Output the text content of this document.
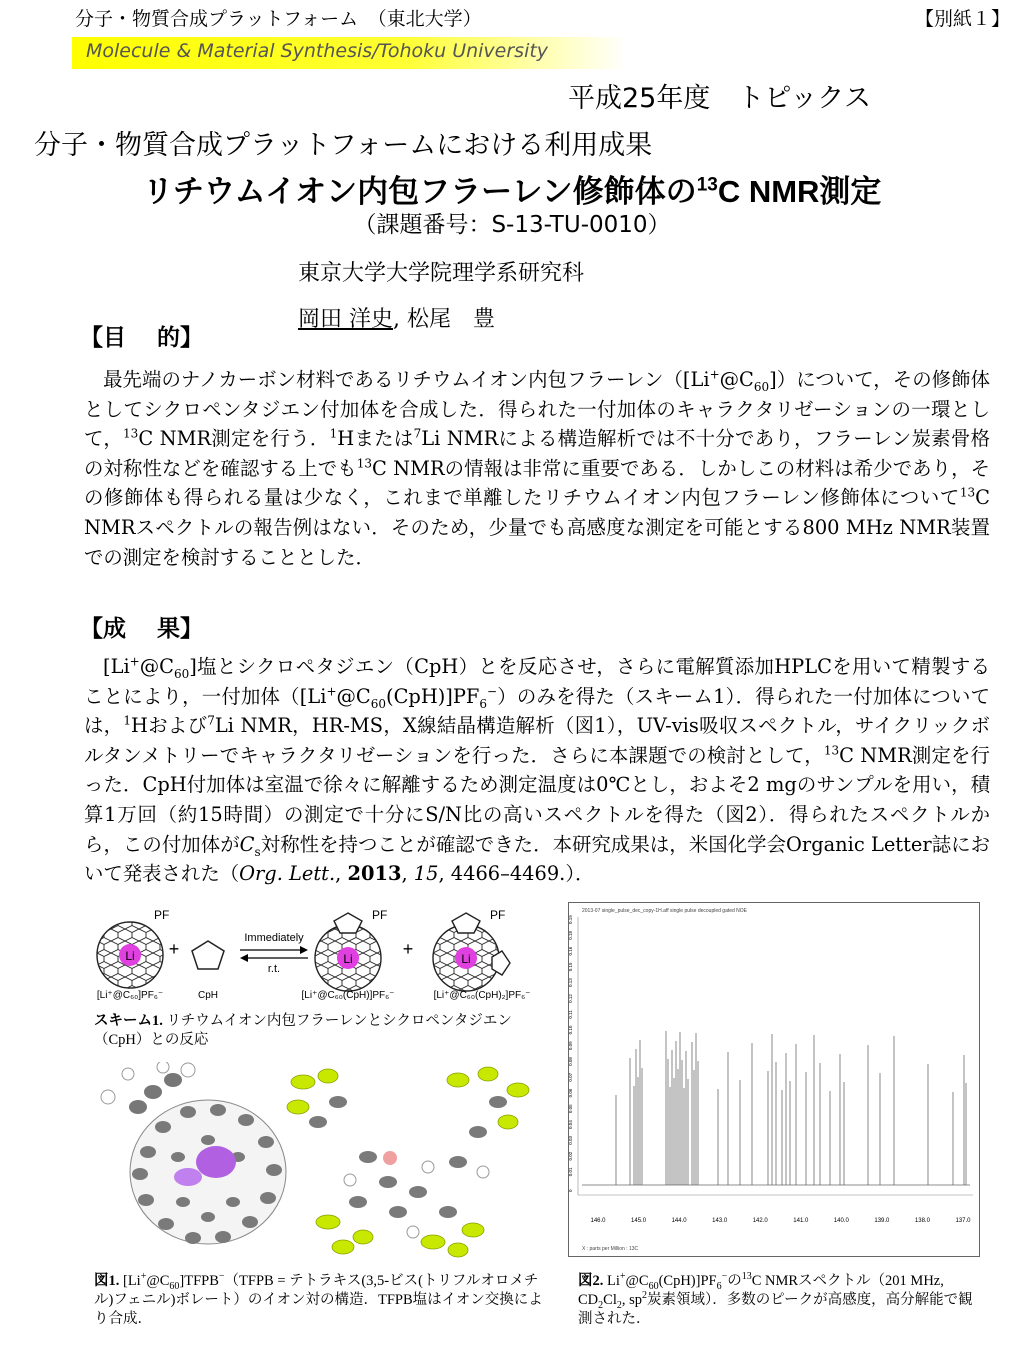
分子・物質合成プラットフォーム　（東北大学）	【別紙１】
Molecule & Material Synthesis/Tohoku University
平成25年度　トピックス
分子・物質合成プラットフォームにおける利用成果
リチウムイオン内包フラーレン修飾体の$^{13}$C NMR測定
（課題番号：S-13-TU-0010）
東京大学大学院理学系研究科
岡田 洋史, 松尾　豊
【目　 的】
最先端のナノカーボン材料であるリチウムイオン内包フラーレン$([Li^+@C_{60}])$について，その修飾体としてシクロペンタジエン付加体を合成した．得られた一付加体のキャラクタリゼーションの一環として，$^{13}$C NMR測定を行う．$^1$Hまたは$^7$Li NMRによる構造解析では不十分であり，フラーレン炭素骨格の対称性などを確認する上でも$^{13}$C NMRの情報は非常に重要である．しかしこの材料は希少であり，その修飾体も得られる量は少なく，これまで単離したリチウムイオン内包フラーレン修飾体について$^{13}$C NMRスペクトルの報告例はない．そのため，少量でも高感度な測定を可能とする800 MHz NMR装置での測定を検討することとした．
【成　 果】
$[Li^+@C_{60}]$塩とシクロペタジエン（CpH）とを反応させ，さらに電解質添加HPLCを用いて精製することにより，一付加体$([Li^+@C_{60}(CpH)]PF_6^-)$のみを得た（スキーム1）．得られた一付加体については，$^1$Hおよび$^7$Li NMR，HR-MS，X線結晶構造解析（図1），UV-vis吸収スペクトル，サイクリックボルタンメトリーでキャラクタリゼーションを行った．さらに本課題での検討として，$^{13}$C NMR測定を行った．CpH付加体は室温で徐々に解離するため測定温度は0℃とし，およそ2 mgのサンプルを用い，積算1万回（約15時間）の測定で十分にS/N比の高いスペクトルを得た（図2）．得られたスペクトルから，この付加体が$C_s$対称性を持つことが確認できた．本研究成果は，米国化学会Organic Letter誌において発表された（Org. Lett., 2013, 15, 4466–4469.）．
Li
PF
+
Immediately
r.t.
Li
PF
+	Li
PF
[Li⁺@C₆₀]PF₆⁻	CpH	[Li⁺@C₆₀(CpH)]PF₆⁻	[Li⁺@C₆₀(CpH)₂]PF₆⁻
スキーム1. リチウムイオン内包フラーレンとシクロペンタジエン（CpH）との反応
図1. $[Li^+@C_{60}]TFPB^-(TFPB$ = テトラキス(3,5-ビス(トリフルオロメチル)フェニル)ボレート）のイオン対の構造．TFPB塩はイオン交換により合成．
2013-07 single_pulse_dec_copy-1H.aff single pulse decoupled gated NOE
0.19
0.18
0.16
0.15
0.13
0.12
0.11
0.10
0.09
0.08
0.07
0.06
0.05
0.04
0.03
0.02
0.01
0
146.0	145.0	144.0	143.0	142.0	141.0	140.0	139.0	138.0	137.0
X : parts per Million : 13C
図2. $Li^+@C_{60}(CpH)]PF_6^-$の$^{13}$C NMRスペクトル（201 MHz, $CD_2Cl_2$, $sp^2$炭素領域）．多数のピークが高感度，高分解能で観測された．
